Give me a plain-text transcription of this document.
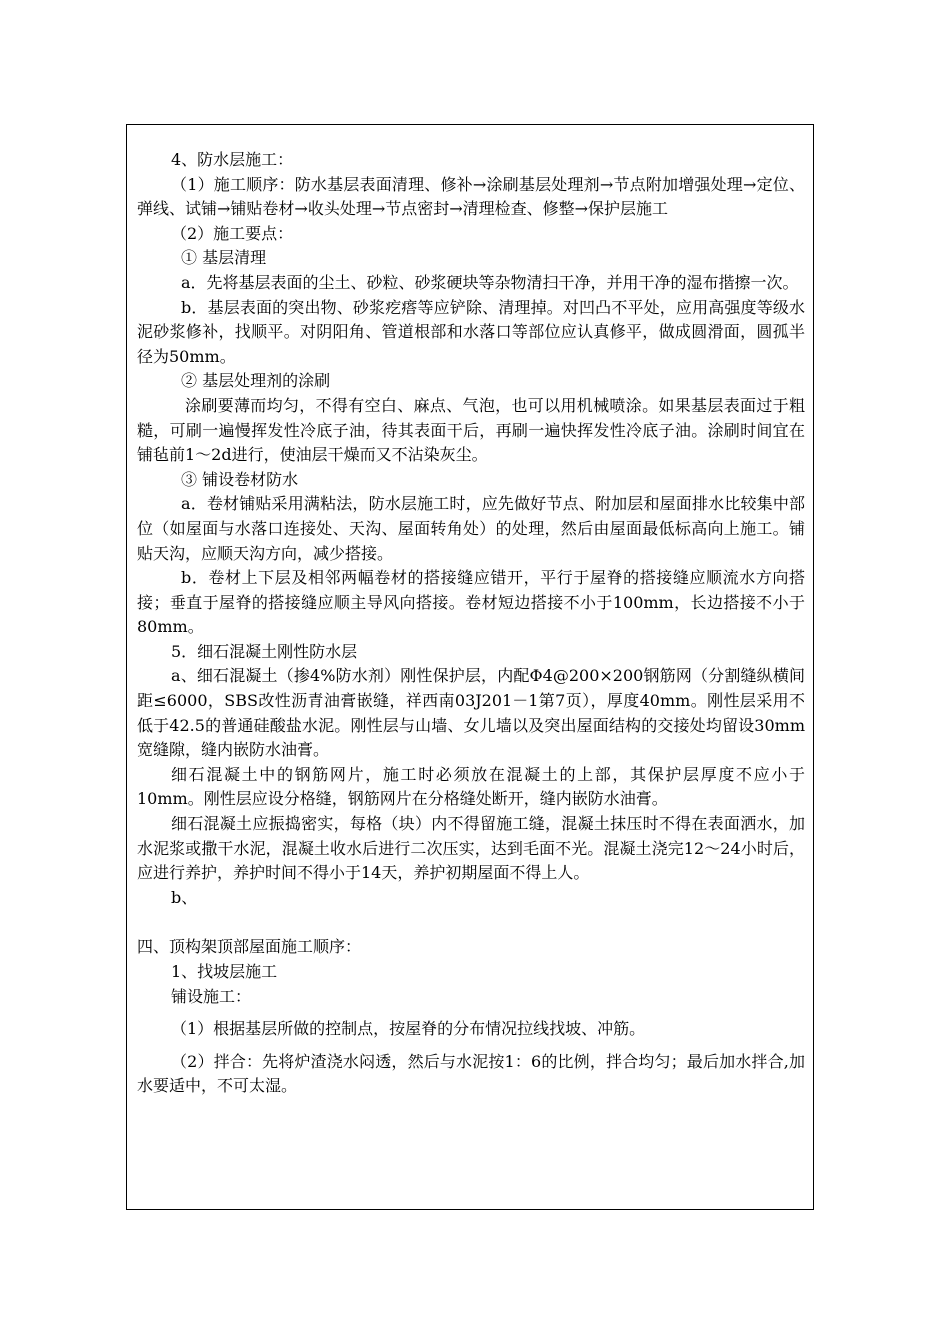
4、防水层施工：

（1）施工顺序：防水基层表面清理、修补→涂刷基层处理剂→节点附加增强处理→定位、弹线、试铺→铺贴卷材→收头处理→节点密封→清理检查、修整→保护层施工

（2）施工要点：

① 基层清理

a．先将基层表面的尘土、砂粒、砂浆硬块等杂物清扫干净，并用干净的湿布揩擦一次。

b．基层表面的突出物、砂浆疙瘩等应铲除、清理掉。对凹凸不平处，应用高强度等级水泥砂浆修补，找顺平。对阴阳角、管道根部和水落口等部位应认真修平，做成圆滑面，圆孤半径为50mm。

② 基层处理剂的涂刷

涂刷要薄而均匀，不得有空白、麻点、气泡，也可以用机械喷涂。如果基层表面过于粗糙，可刷一遍慢挥发性冷底子油，待其表面干后，再刷一遍快挥发性冷底子油。涂刷时间宜在铺毡前1～2d进行，使油层干燥而又不沾染灰尘。

③ 铺设卷材防水

a．卷材铺贴采用满粘法，防水层施工时，应先做好节点、附加层和屋面排水比较集中部位（如屋面与水落口连接处、天沟、屋面转角处）的处理，然后由屋面最低标高向上施工。铺贴天沟，应顺天沟方向，减少搭接。

b．卷材上下层及相邻两幅卷材的搭接缝应错开，平行于屋脊的搭接缝应顺流水方向搭接；垂直于屋脊的搭接缝应顺主导风向搭接。卷材短边搭接不小于100mm，长边搭接不小于80mm。

5．细石混凝土刚性防水层

a、细石混凝土（掺4%防水剂）刚性保护层，内配Φ4@200×200钢筋网（分割缝纵横间距≤6000，SBS改性沥青油膏嵌缝，祥西南03J201－1第7页），厚度40mm。刚性层采用不低于42.5的普通硅酸盐水泥。刚性层与山墙、女儿墙以及突出屋面结构的交接处均留设30mm宽缝隙，缝内嵌防水油膏。

细石混凝土中的钢筋网片，施工时必须放在混凝土的上部，其保护层厚度不应小于10mm。刚性层应设分格缝，钢筋网片在分格缝处断开，缝内嵌防水油膏。

细石混凝土应振捣密实，每格（块）内不得留施工缝，混凝土抹压时不得在表面洒水，加水泥浆或撒干水泥，混凝土收水后进行二次压实，达到毛面不光。混凝土浇完12～24小时后，应进行养护，养护时间不得小于14天，养护初期屋面不得上人。

b、

四、顶构架顶部屋面施工顺序：

1、找坡层施工

铺设施工：

（1）根据基层所做的控制点，按屋脊的分布情况拉线找坡、冲筋。

（2）拌合：先将炉渣浇水闷透，然后与水泥按1：6的比例，拌合均匀；最后加水拌合,加水要适中，不可太湿。
